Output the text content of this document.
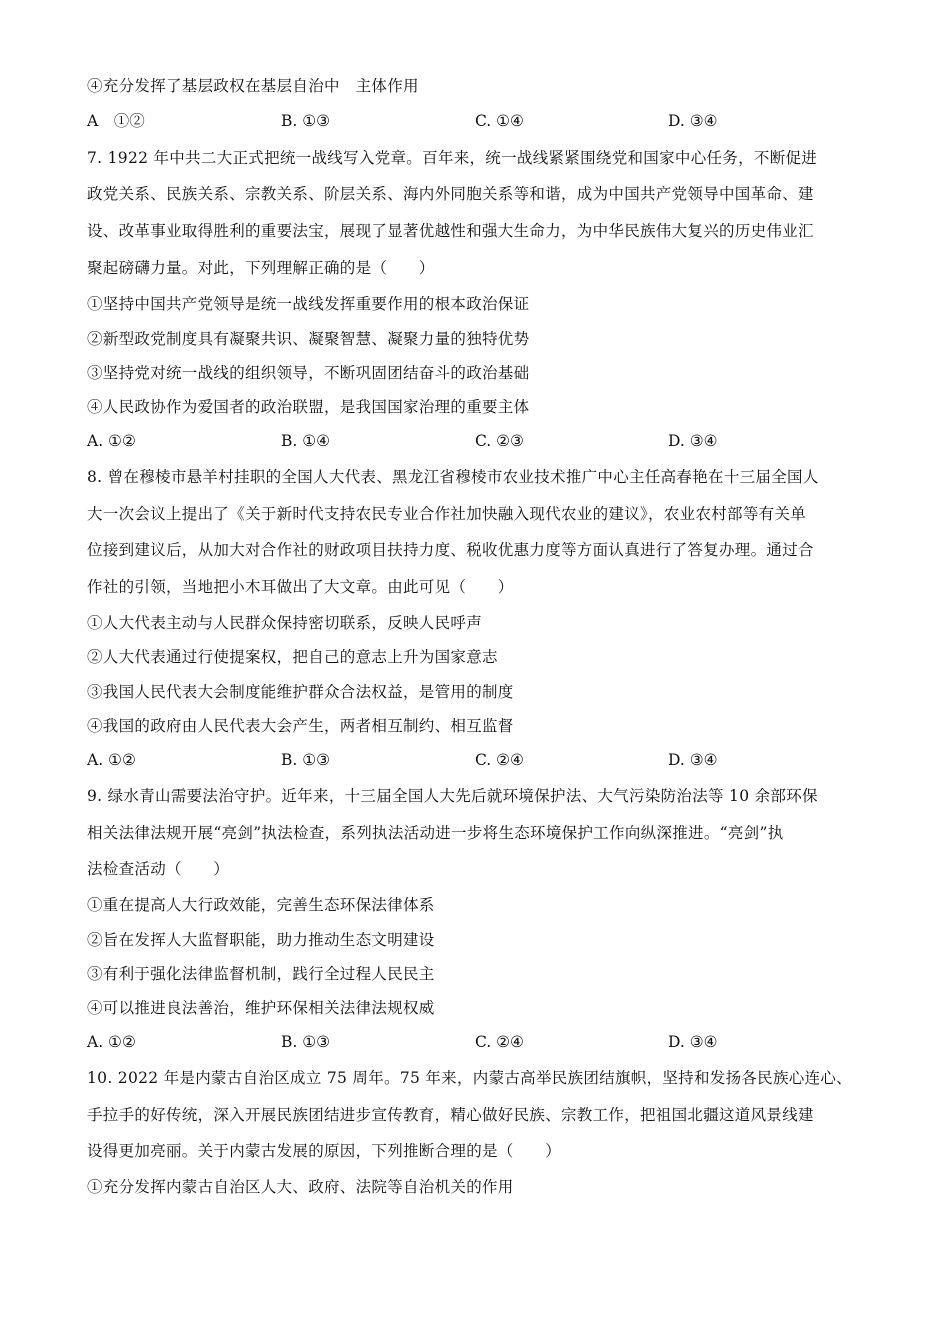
④充分发挥了基层政权在基层自治中　主体作用
A　①②	B. ①③	C. ①④	D. ③④
7. 1922 年中共二大正式把统一战线写入党章。百年来，统一战线紧紧围绕党和国家中心任务，不断促进
政党关系、民族关系、宗教关系、阶层关系、海内外同胞关系等和谐，成为中国共产党领导中国革命、建
设、改革事业取得胜利的重要法宝，展现了显著优越性和强大生命力，为中华民族伟大复兴的历史伟业汇
聚起磅礴力量。对此，下列理解正确的是（　　）
①坚持中国共产党领导是统一战线发挥重要作用的根本政治保证
②新型政党制度具有凝聚共识、凝聚智慧、凝聚力量的独特优势
③坚持党对统一战线的组织领导，不断巩固团结奋斗的政治基础
④人民政协作为爱国者的政治联盟，是我国国家治理的重要主体
A. ①②	B. ①④	C. ②③	D. ③④
8. 曾在穆棱市悬羊村挂职的全国人大代表、黑龙江省穆棱市农业技术推广中心主任高春艳在十三届全国人
大一次会议上提出了《关于新时代支持农民专业合作社加快融入现代农业的建议》，农业农村部等有关单
位接到建议后，从加大对合作社的财政项目扶持力度、税收优惠力度等方面认真进行了答复办理。通过合
作社的引领，当地把小木耳做出了大文章。由此可见（　　）
①人大代表主动与人民群众保持密切联系，反映人民呼声
②人大代表通过行使提案权，把自己的意志上升为国家意志
③我国人民代表大会制度能维护群众合法权益，是管用的制度
④我国的政府由人民代表大会产生，两者相互制约、相互监督
A. ①②	B. ①③	C. ②④	D. ③④
9. 绿水青山需要法治守护。近年来，十三届全国人大先后就环境保护法、大气污染防治法等 10 余部环保
相关法律法规开展“亮剑”执法检查，系列执法活动进一步将生态环境保护工作向纵深推进。“亮剑”执
法检查活动（　　）
①重在提高人大行政效能，完善生态环保法律体系
②旨在发挥人大监督职能，助力推动生态文明建设
③有利于强化法律监督机制，践行全过程人民民主
④可以推进良法善治，维护环保相关法律法规权威
A. ①②	B. ①③	C. ②④	D. ③④
10. 2022 年是内蒙古自治区成立 75 周年。75 年来，内蒙古高举民族团结旗帜，坚持和发扬各民族心连心、
手拉手的好传统，深入开展民族团结进步宣传教育，精心做好民族、宗教工作，把祖国北疆这道风景线建
设得更加亮丽。关于内蒙古发展的原因，下列推断合理的是（　　）
①充分发挥内蒙古自治区人大、政府、法院等自治机关的作用
